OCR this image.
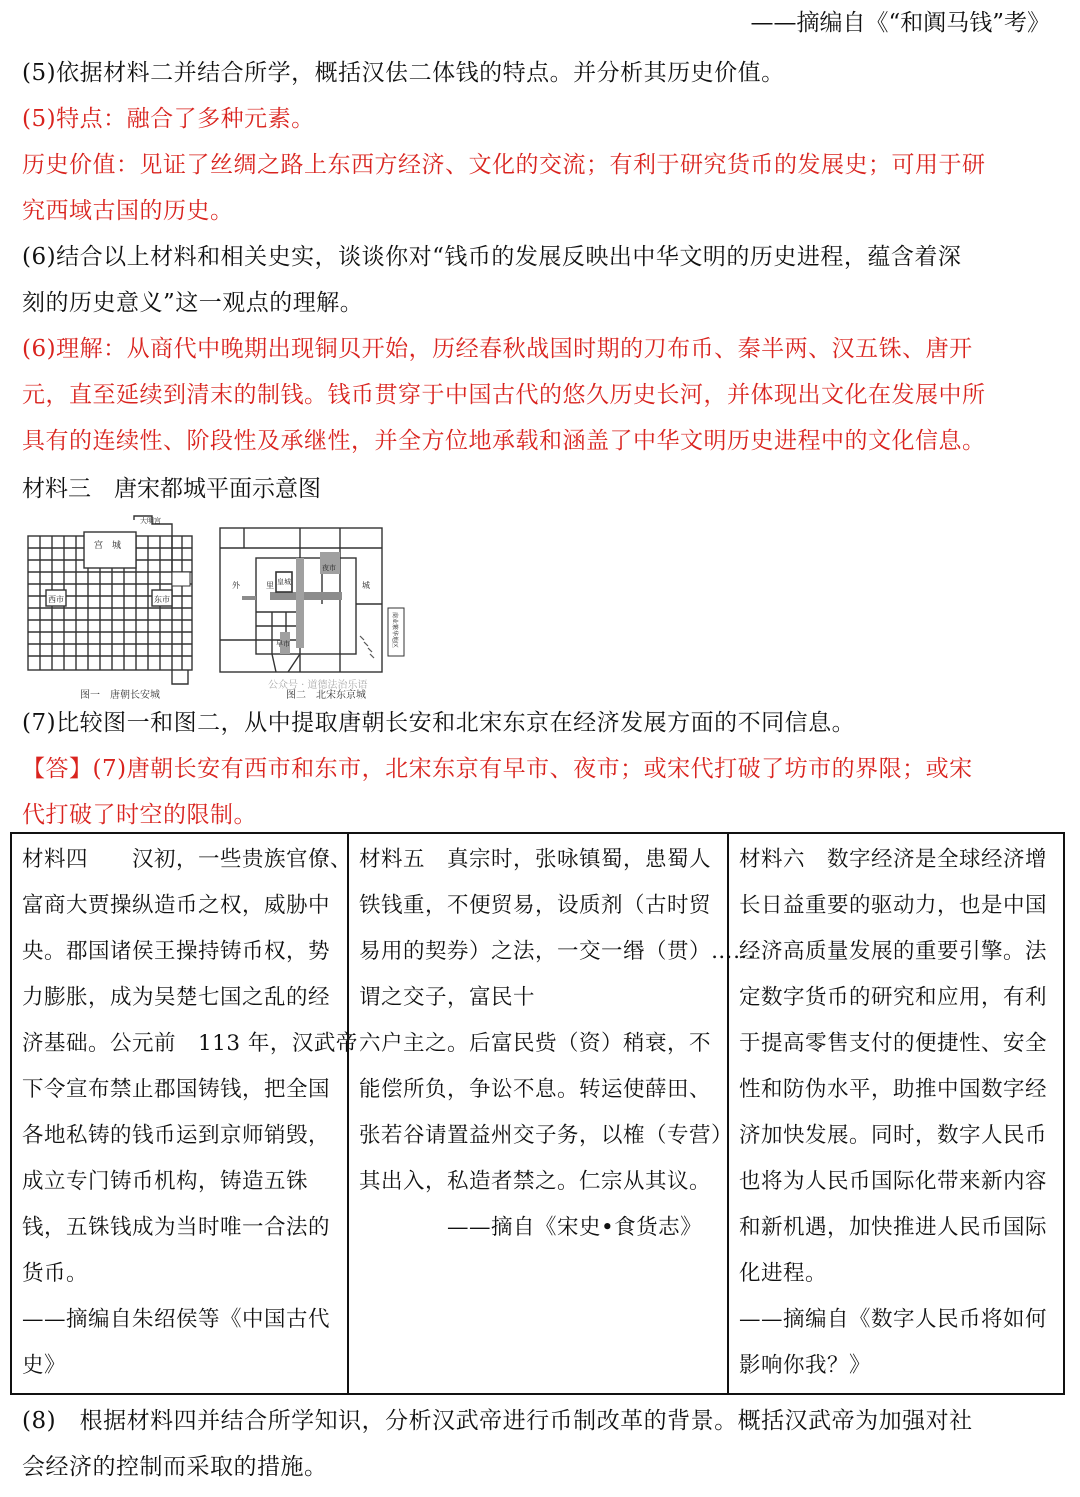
——摘编自《“和阗马钱”考》
(5)依据材料二并结合所学，概括汉佉二体钱的特点。并分析其历史价值。
(5)特点：融合了多种元素。
历史价值：见证了丝绸之路上东西方经济、文化的交流；有利于研究货币的发展史；可用于研
究西域古国的历史。
(6)结合以上材料和相关史实，谈谈你对“钱币的发展反映出中华文明的历史进程，蕴含着深
刻的历史意义”这一观点的理解。
(6)理解：从商代中晚期出现铜贝开始，历经春秋战国时期的刀布币、秦半两、汉五铢、唐开
元，直至延续到清末的制钱。钱币贯穿于中国古代的悠久历史长河，并体现出文化在发展中所
具有的连续性、阶段性及承继性，并全方位地承载和涵盖了中华文明历史进程中的文化信息。
材料三　唐宋都城平面示意图
宫　城
大明宫
西市	东市
图一　唐朝长安城
外	里	城
皇城
夜市
早市	商业繁华地区
图二　北宋东京城
公众号 · 道德法治乐语
(7)比较图一和图二，从中提取唐朝长安和北宋东京在经济发展方面的不同信息。
【答】(7)唐朝长安有西市和东市，北宋东京有早市、夜市；或宋代打破了坊市的界限；或宋
代打破了时空的限制。
材料四　　汉初，一些贵族官僚、
富商大贾操纵造币之权，威胁中
央。郡国诸侯王操持铸币权，势
力膨胀，成为吴楚七国之乱的经
济基础。公元前　113 年，汉武帝
下令宣布禁止郡国铸钱，把全国
各地私铸的钱币运到京师销毁，
成立专门铸币机构，铸造五铢
钱，五铢钱成为当时唯一合法的
货币。
——摘编自朱绍侯等《中国古代
史》
材料五　真宗时，张咏镇蜀，患蜀人
铁钱重，不便贸易，设质剂（古时贸
易用的契券）之法，一交一缗（贯）……
谓之交子，富民十
六户主之。后富民赀（资）稍衰，不
能偿所负，争讼不息。转运使薛田、
张若谷请置益州交子务，以榷（专营）
其出入，私造者禁之。仁宗从其议。
　　　　——摘自《宋史•食货志》
材料六　数字经济是全球经济增
长日益重要的驱动力，也是中国
经济高质量发展的重要引擎。法
定数字货币的研究和应用，有利
于提高零售支付的便捷性、安全
性和防伪水平，助推中国数字经
济加快发展。同时，数字人民币
也将为人民币国际化带来新内容
和新机遇，加快推进人民币国际
化进程。
——摘编自《数字人民币将如何
影响你我？》
(8)　根据材料四并结合所学知识，分析汉武帝进行币制改革的背景。概括汉武帝为加强对社
会经济的控制而采取的措施。
